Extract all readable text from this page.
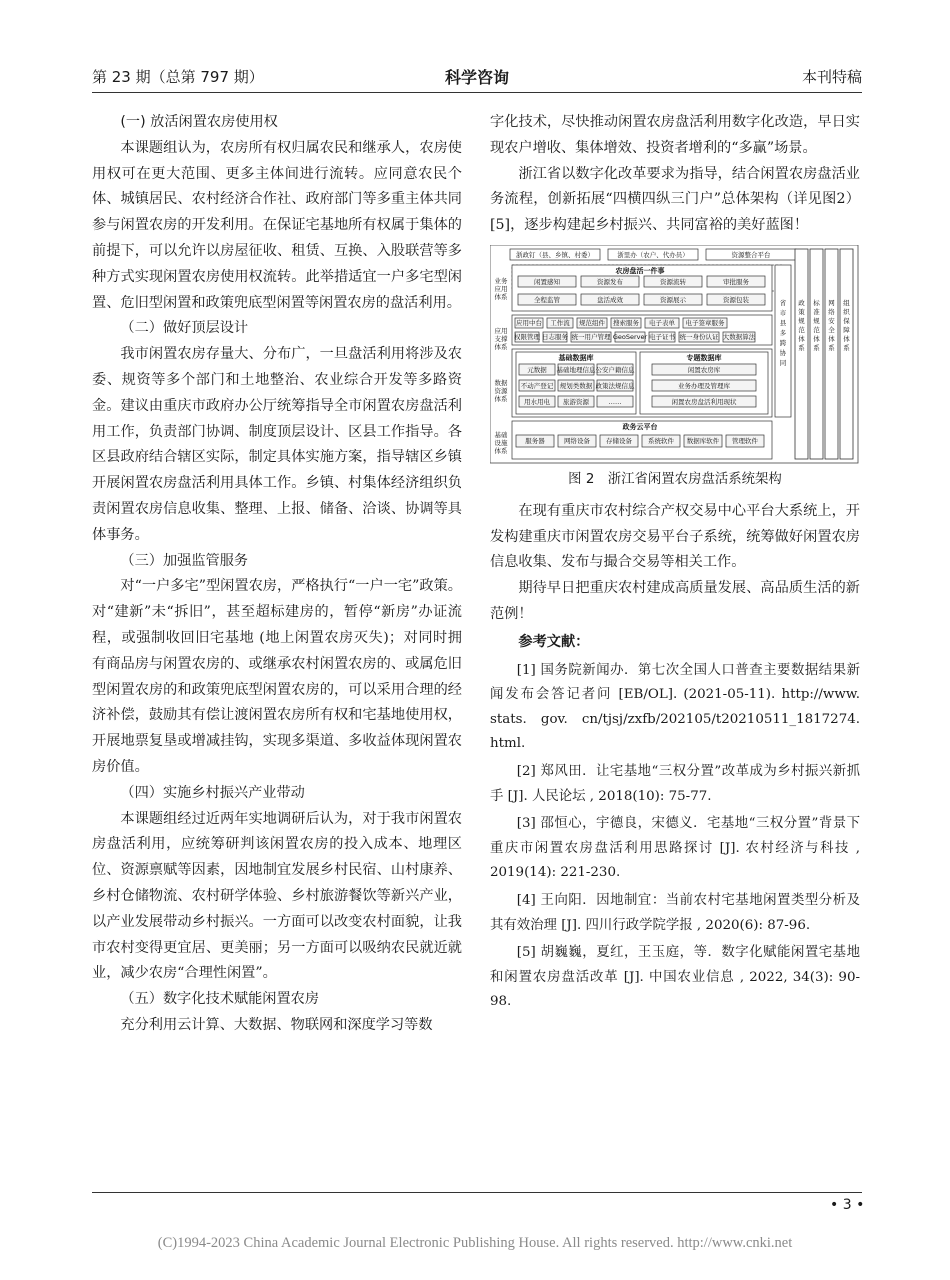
第 23 期（总第 797 期）	科学咨询	本刊特稿

(一) 放活闲置农房使用权

本课题组认为，农房所有权归属农民和继承人，农房使用权可在更大范围、更多主体间进行流转。应同意农民个体、城镇居民、农村经济合作社、政府部门等多重主体共同参与闲置农房的开发利用。在保证宅基地所有权属于集体的前提下，可以允许以房屋征收、租赁、互换、入股联营等多种方式实现闲置农房使用权流转。此举措适宜一户多宅型闲置、危旧型闲置和政策兜底型闲置等闲置农房的盘活利用。

（二）做好顶层设计

我市闲置农房存量大、分布广，一旦盘活利用将涉及农委、规资等多个部门和土地整治、农业综合开发等多路资金。建议由重庆市政府办公厅统筹指导全市闲置农房盘活利用工作，负责部门协调、制度顶层设计、区县工作指导。各区县政府结合辖区实际，制定具体实施方案，指导辖区乡镇开展闲置农房盘活利用具体工作。乡镇、村集体经济组织负责闲置农房信息收集、整理、上报、储备、洽谈、协调等具体事务。

（三）加强监管服务

对“一户多宅”型闲置农房，严格执行“一户一宅”政策。对“建新”未“拆旧”，甚至超标建房的，暂停“新房”办证流程，或强制收回旧宅基地 (地上闲置农房灭失)；对同时拥有商品房与闲置农房的、或继承农村闲置农房的、或属危旧型闲置农房的和政策兜底型闲置农房的，可以采用合理的经济补偿，鼓励其有偿让渡闲置农房所有权和宅基地使用权，开展地票复垦或增减挂钩，实现多渠道、多收益体现闲置农房价值。

（四）实施乡村振兴产业带动

本课题组经过近两年实地调研后认为，对于我市闲置农房盘活利用，应统筹研判该闲置农房的投入成本、地理区位、资源禀赋等因素，因地制宜发展乡村民宿、山村康养、乡村仓储物流、农村研学体验、乡村旅游餐饮等新兴产业，以产业发展带动乡村振兴。一方面可以改变农村面貌，让我市农村变得更宜居、更美丽；另一方面可以吸纳农民就近就业，减少农房“合理性闲置”。

（五）数字化技术赋能闲置农房

充分利用云计算、大数据、物联网和深度学习等数

字化技术，尽快推动闲置农房盘活利用数字化改造，早日实现农户增收、集体增效、投资者增利的“多赢”场景。

浙江省以数字化改革要求为指导，结合闲置农房盘活业务流程，创新拓展“四横四纵三门户”总体架构（详见图2）[5]，逐步构建起乡村振兴、共同富裕的美好蓝图！

浙政钉（县、乡镇、村委）	浙里办（农户、代办员）	资源整合平台
业务应用体系
应用支撑体系
数据资源体系
基础设施体系
农房盘活一件事
闲置感知	资源发布	资源流转	审批服务
全程监管	盘活成效	资源展示	资源包装
应用中台 工作流 规范组件 搜索服务 电子表单 电子签章服务
权限管理 日志服务 统一用户管理 GeoServer 电子证书 统一身份认证 大数据算法
基础数据库
元数据 基础地理信息 公安户籍信息
不动产登记 规划类数据 政策法规信息
用水用电 旅游资源	……
专题数据库
闲置农房库
业务办理及管理库
闲置农房盘活利用现状
省市县多跨协同
政务云平台
服务器	网络设备 存储设备 系统软件 数据库软件 管理软件
政策规范体系
标准规范体系
网络安全体系
组织保障体系

图 2　浙江省闲置农房盘活系统架构

在现有重庆市农村综合产权交易中心平台大系统上，开发构建重庆市闲置农房交易平台子系统，统筹做好闲置农房信息收集、发布与撮合交易等相关工作。

期待早日把重庆农村建成高质量发展、高品质生活的新范例！

参考文献：

[1] 国务院新闻办．第七次全国人口普查主要数据结果新闻发布会答记者问 [EB/OL]. (2021-05-11). http://www. stats. gov. cn/tjsj/zxfb/202105/t20210511_1817274. html.

[2] 郑风田．让宅基地“三权分置”改革成为乡村振兴新抓手 [J]. 人民论坛 , 2018(10): 75-77.

[3] 邵恒心，宇德良，宋德义．宅基地“三权分置”背景下重庆市闲置农房盘活利用思路探讨 [J]. 农村经济与科技 , 2019(14): 221-230.

[4] 王向阳．因地制宜：当前农村宅基地闲置类型分析及其有效治理 [J]. 四川行政学院学报 , 2020(6): 87-96.

[5] 胡巍巍，夏红，王玉庭，等．数字化赋能闲置宅基地和闲置农房盘活改革 [J]. 中国农业信息 , 2022, 34(3): 90-98.

• 3 •
(C)1994-2023 China Academic Journal Electronic Publishing House. All rights reserved. http://www.cnki.net
